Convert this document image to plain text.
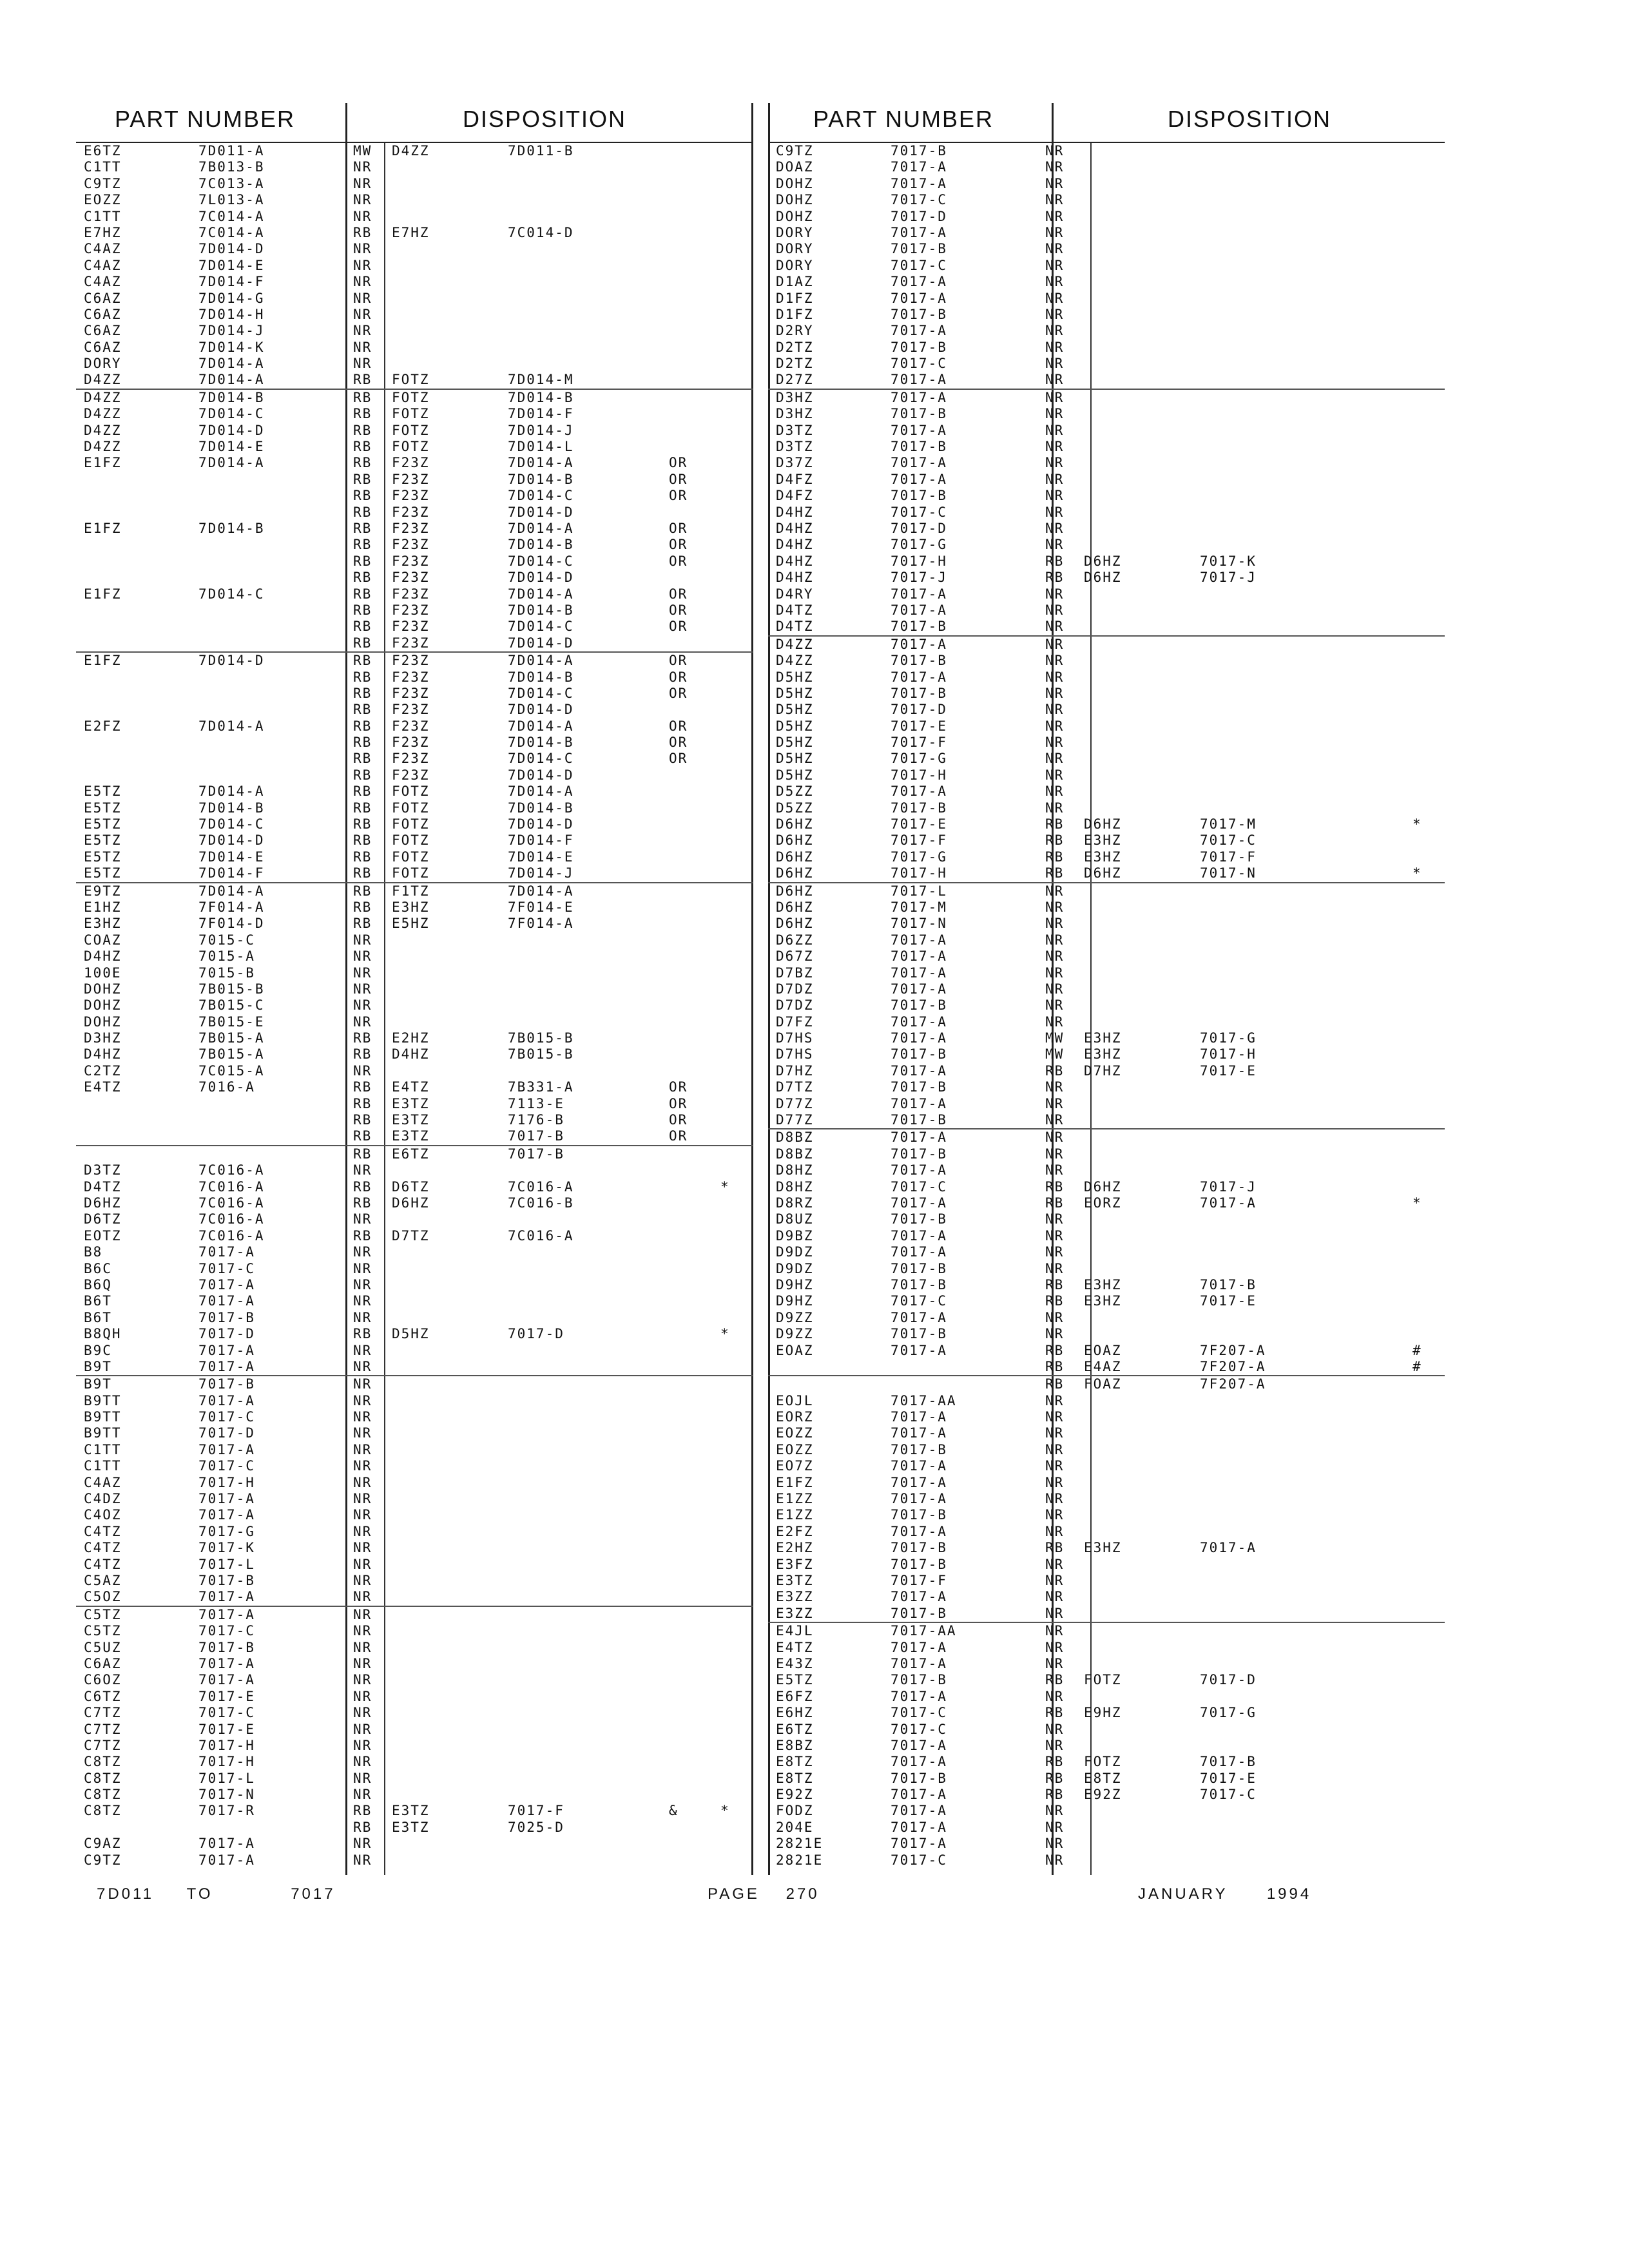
PART NUMBER	DISPOSITION
E6TZ	7D011-A	MW D4ZZ	7D011-B
C1TT	7B013-B	NR
C9TZ	7C013-A	NR
EOZZ	7L013-A	NR
C1TT	7C014-A	NR
E7HZ	7C014-A	RB E7HZ	7C014-D
C4AZ	7D014-D	NR
C4AZ	7D014-E	NR
C4AZ	7D014-F	NR
C6AZ	7D014-G	NR
C6AZ	7D014-H	NR
C6AZ	7D014-J	NR
C6AZ	7D014-K	NR
DORY	7D014-A	NR
D4ZZ	7D014-A	RB FOTZ	7D014-M
D4ZZ	7D014-B	RB FOTZ	7D014-B
D4ZZ	7D014-C	RB FOTZ	7D014-F
D4ZZ	7D014-D	RB FOTZ	7D014-J
D4ZZ	7D014-E	RB FOTZ	7D014-L
E1FZ	7D014-A	RB F23Z	7D014-A	OR
RB F23Z	7D014-B	OR
RB F23Z	7D014-C	OR
RB F23Z	7D014-D
E1FZ	7D014-B	RB F23Z	7D014-A	OR
RB F23Z	7D014-B	OR
RB F23Z	7D014-C	OR
RB F23Z	7D014-D
E1FZ	7D014-C	RB F23Z	7D014-A	OR
RB F23Z	7D014-B	OR
RB F23Z	7D014-C	OR
RB F23Z	7D014-D
E1FZ	7D014-D	RB F23Z	7D014-A	OR
RB F23Z	7D014-B	OR
RB F23Z	7D014-C	OR
RB F23Z	7D014-D
E2FZ	7D014-A	RB F23Z	7D014-A	OR
RB F23Z	7D014-B	OR
RB F23Z	7D014-C	OR
RB F23Z	7D014-D
E5TZ	7D014-A	RB FOTZ	7D014-A
E5TZ	7D014-B	RB FOTZ	7D014-B
E5TZ	7D014-C	RB FOTZ	7D014-D
E5TZ	7D014-D	RB FOTZ	7D014-F
E5TZ	7D014-E	RB FOTZ	7D014-E
E5TZ	7D014-F	RB FOTZ	7D014-J
E9TZ	7D014-A	RB F1TZ	7D014-A
E1HZ	7F014-A	RB E3HZ	7F014-E
E3HZ	7F014-D	RB E5HZ	7F014-A
COAZ	7015-C	NR
D4HZ	7015-A	NR
100E	7015-B	NR
DOHZ	7B015-B	NR
DOHZ	7B015-C	NR
DOHZ	7B015-E	NR
D3HZ	7B015-A	RB E2HZ	7B015-B
D4HZ	7B015-A	RB D4HZ	7B015-B
C2TZ	7C015-A	NR
E4TZ	7016-A	RB E4TZ	7B331-A	OR
RB E3TZ	7113-E	OR
RB E3TZ	7176-B	OR
RB E3TZ	7017-B	OR
RB E6TZ	7017-B
D3TZ	7C016-A	NR
D4TZ	7C016-A	RB D6TZ	7C016-A	*
D6HZ	7C016-A	RB D6HZ	7C016-B
D6TZ	7C016-A	NR
EOTZ	7C016-A	RB D7TZ	7C016-A
B8	7017-A	NR
B6C	7017-C	NR
B6Q	7017-A	NR
B6T	7017-A	NR
B6T	7017-B	NR
B8QH	7017-D	RB D5HZ	7017-D	*
B9C	7017-A	NR
B9T	7017-A	NR
B9T	7017-B	NR
B9TT	7017-A	NR
B9TT	7017-C	NR
B9TT	7017-D	NR
C1TT	7017-A	NR
C1TT	7017-C	NR
C4AZ	7017-H	NR
C4DZ	7017-A	NR
C4OZ	7017-A	NR
C4TZ	7017-G	NR
C4TZ	7017-K	NR
C4TZ	7017-L	NR
C5AZ	7017-B	NR
C5OZ	7017-A	NR
C5TZ	7017-A	NR
C5TZ	7017-C	NR
C5UZ	7017-B	NR
C6AZ	7017-A	NR
C6OZ	7017-A	NR
C6TZ	7017-E	NR
C7TZ	7017-C	NR
C7TZ	7017-E	NR
C7TZ	7017-H	NR
C8TZ	7017-H	NR
C8TZ	7017-L	NR
C8TZ	7017-N	NR
C8TZ	7017-R	RB E3TZ	7017-F	&	*
RB E3TZ	7025-D
C9AZ	7017-A	NR
C9TZ	7017-A	NR
PART NUMBER	DISPOSITION
C9TZ	7017-B	NR
DOAZ	7017-A	NR
DOHZ	7017-A	NR
DOHZ	7017-C	NR
DOHZ	7017-D	NR
DORY	7017-A	NR
DORY	7017-B	NR
DORY	7017-C	NR
D1AZ	7017-A	NR
D1FZ	7017-A	NR
D1FZ	7017-B	NR
D2RY	7017-A	NR
D2TZ	7017-B	NR
D2TZ	7017-C	NR
D27Z	7017-A	NR
D3HZ	7017-A	NR
D3HZ	7017-B	NR
D3TZ	7017-A	NR
D3TZ	7017-B	NR
D37Z	7017-A	NR
D4FZ	7017-A	NR
D4FZ	7017-B	NR
D4HZ	7017-C	NR
D4HZ	7017-D	NR
D4HZ	7017-G	NR
D4HZ	7017-H	RB D6HZ	7017-K
D4HZ	7017-J	RB D6HZ	7017-J
D4RY	7017-A	NR
D4TZ	7017-A	NR
D4TZ	7017-B	NR
D4ZZ	7017-A	NR
D4ZZ	7017-B	NR
D5HZ	7017-A	NR
D5HZ	7017-B	NR
D5HZ	7017-D	NR
D5HZ	7017-E	NR
D5HZ	7017-F	NR
D5HZ	7017-G	NR
D5HZ	7017-H	NR
D5ZZ	7017-A	NR
D5ZZ	7017-B	NR
D6HZ	7017-E	RB D6HZ	7017-M	*
D6HZ	7017-F	RB E3HZ	7017-C
D6HZ	7017-G	RB E3HZ	7017-F
D6HZ	7017-H	RB D6HZ	7017-N	*
D6HZ	7017-L	NR
D6HZ	7017-M	NR
D6HZ	7017-N	NR
D6ZZ	7017-A	NR
D67Z	7017-A	NR
D7BZ	7017-A	NR
D7DZ	7017-A	NR
D7DZ	7017-B	NR
D7FZ	7017-A	NR
D7HS	7017-A	MW E3HZ	7017-G
D7HS	7017-B	MW E3HZ	7017-H
D7HZ	7017-A	RB D7HZ	7017-E
D7TZ	7017-B	NR
D77Z	7017-A	NR
D77Z	7017-B	NR
D8BZ	7017-A	NR
D8BZ	7017-B	NR
D8HZ	7017-A	NR
D8HZ	7017-C	RB D6HZ	7017-J
D8RZ	7017-A	RB EORZ	7017-A	*
D8UZ	7017-B	NR
D9BZ	7017-A	NR
D9DZ	7017-A	NR
D9DZ	7017-B	NR
D9HZ	7017-B	RB E3HZ	7017-B
D9HZ	7017-C	RB E3HZ	7017-E
D9ZZ	7017-A	NR
D9ZZ	7017-B	NR
EOAZ	7017-A	RB EOAZ	7F207-A	#
RB E4AZ	7F207-A	#
RB FOAZ	7F207-A
EOJL	7017-AA	NR
EORZ	7017-A	NR
EOZZ	7017-A	NR
EOZZ	7017-B	NR
EO7Z	7017-A	NR
E1FZ	7017-A	NR
E1ZZ	7017-A	NR
E1ZZ	7017-B	NR
E2FZ	7017-A	NR
E2HZ	7017-B	RB E3HZ	7017-A
E3FZ	7017-B	NR
E3TZ	7017-F	NR
E3ZZ	7017-A	NR
E3ZZ	7017-B	NR
E4JL	7017-AA	NR
E4TZ	7017-A	NR
E43Z	7017-A	NR
E5TZ	7017-B	RB FOTZ	7017-D
E6FZ	7017-A	NR
E6HZ	7017-C	RB E9HZ	7017-G
E6TZ	7017-C	NR
E8BZ	7017-A	NR
E8TZ	7017-A	RB FOTZ	7017-B
E8TZ	7017-B	RB E8TZ	7017-E
E92Z	7017-A	RB E92Z	7017-C
FODZ	7017-A	NR
204E	7017-A	NR
2821E	7017-A	NR
2821E	7017-C	NR
7D011 TO	7017	PAGE 270	JANUARY	1994
